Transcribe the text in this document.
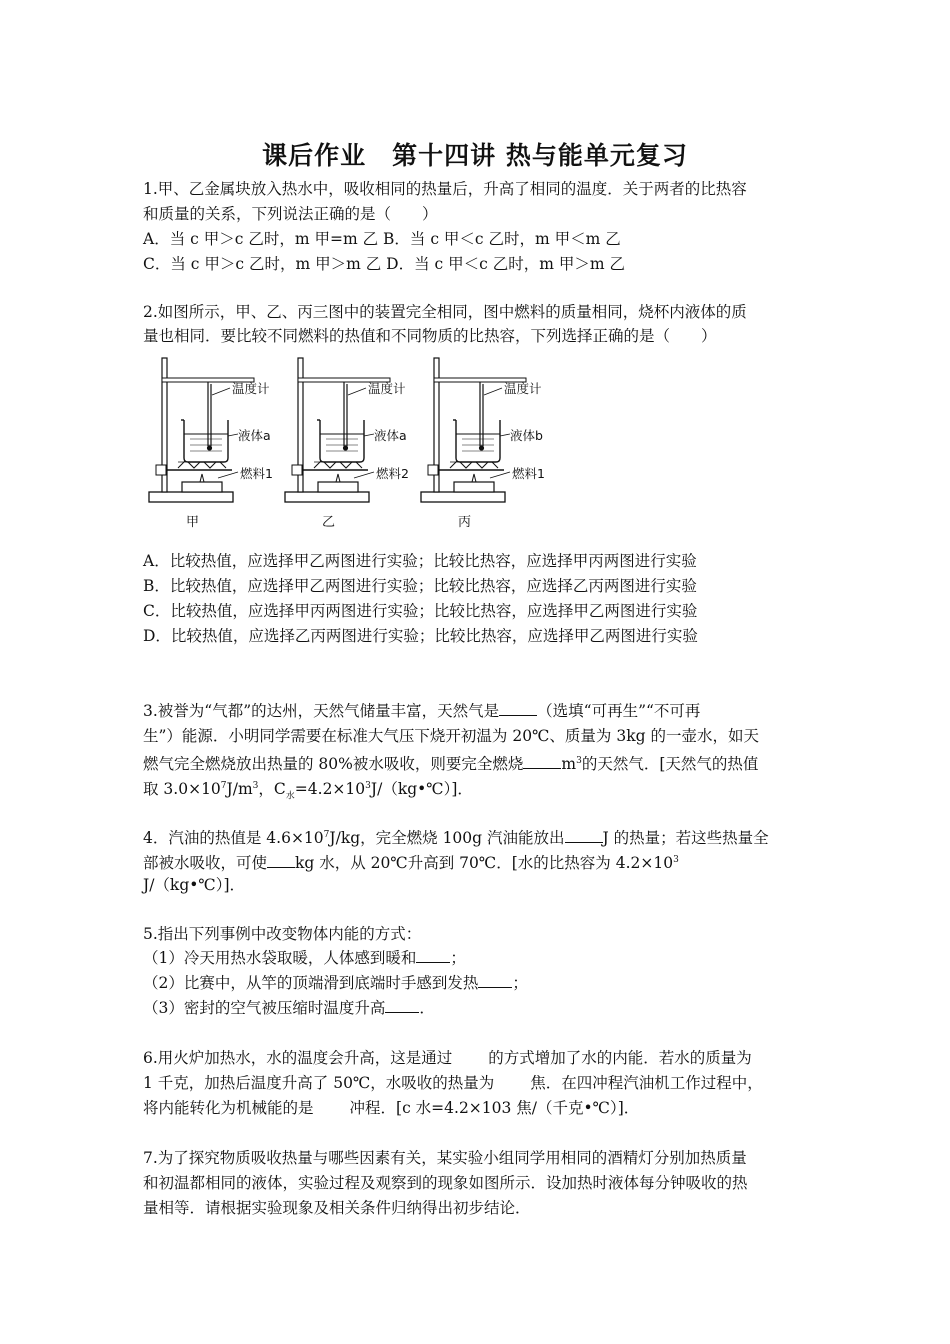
课后作业　第十四讲 热与能单元复习
1.甲、乙金属块放入热水中，吸收相同的热量后，升高了相同的温度．关于两者的比热容
和质量的关系，下列说法正确的是（　　）
A．当 c 甲＞c 乙时，m 甲=m 乙 B．当 c 甲＜c 乙时，m 甲＜m 乙
C．当 c 甲＞c 乙时，m 甲＞m 乙 D．当 c 甲＜c 乙时，m 甲＞m 乙
2.如图所示，甲、乙、丙三图中的装置完全相同，图中燃料的质量相同，烧杯内液体的质
量也相同．要比较不同燃料的热值和不同物质的比热容，下列选择正确的是（　　）
温度计
液体a
燃料1
甲
温度计
液体a
燃料2
乙
温度计
液体b
燃料1
丙
A．比较热值，应选择甲乙两图进行实验；比较比热容，应选择甲丙两图进行实验
B．比较热值，应选择甲乙两图进行实验；比较比热容，应选择乙丙两图进行实验
C．比较热值，应选择甲丙两图进行实验；比较比热容，应选择甲乙两图进行实验
D．比较热值，应选择乙丙两图进行实验；比较比热容，应选择甲乙两图进行实验
3.被誉为“气都”的达州，天然气储量丰富，天然气是 （选填“可再生”“不可再
生”）能源．小明同学需要在标准大气压下烧开初温为 20℃、质量为 3kg 的一壶水，如天
燃气完全燃烧放出热量的 80%被水吸收，则要完全燃烧 $m^3$的天然气．[天然气的热值
取 $3.0\times 10^7J/m^3$，$C_水=4.2\times 10^3J/(kg•℃)$]．
4．汽油的热值是 $4.6\times 10^7J/kg$，完全燃烧 100g 汽油能放出 J 的热量；若这些热量全
部被水吸收，可使 kg 水，从 20℃升高到 70℃．[水的比热容为 $4.2\times 10^3$
J/（kg•℃）]．
5.指出下列事例中改变物体内能的方式：
（1）冷天用热水袋取暖，人体感到暖和 ；
（2）比赛中，从竿的顶端滑到底端时手感到发热 ；
（3）密封的空气被压缩时温度升高 ．
6.用火炉加热水，水的温度会升高，这是通过 的方式增加了水的内能．若水的质量为
1 千克，加热后温度升高了 50℃，水吸收的热量为 焦．在四冲程汽油机工作过程中，
将内能转化为机械能的是 冲程．[c 水=4.2×103 焦/（千克•℃）]．
7.为了探究物质吸收热量与哪些因素有关，某实验小组同学用相同的酒精灯分别加热质量
和初温都相同的液体，实验过程及观察到的现象如图所示．设加热时液体每分钟吸收的热
量相等．请根据实验现象及相关条件归纳得出初步结论．
